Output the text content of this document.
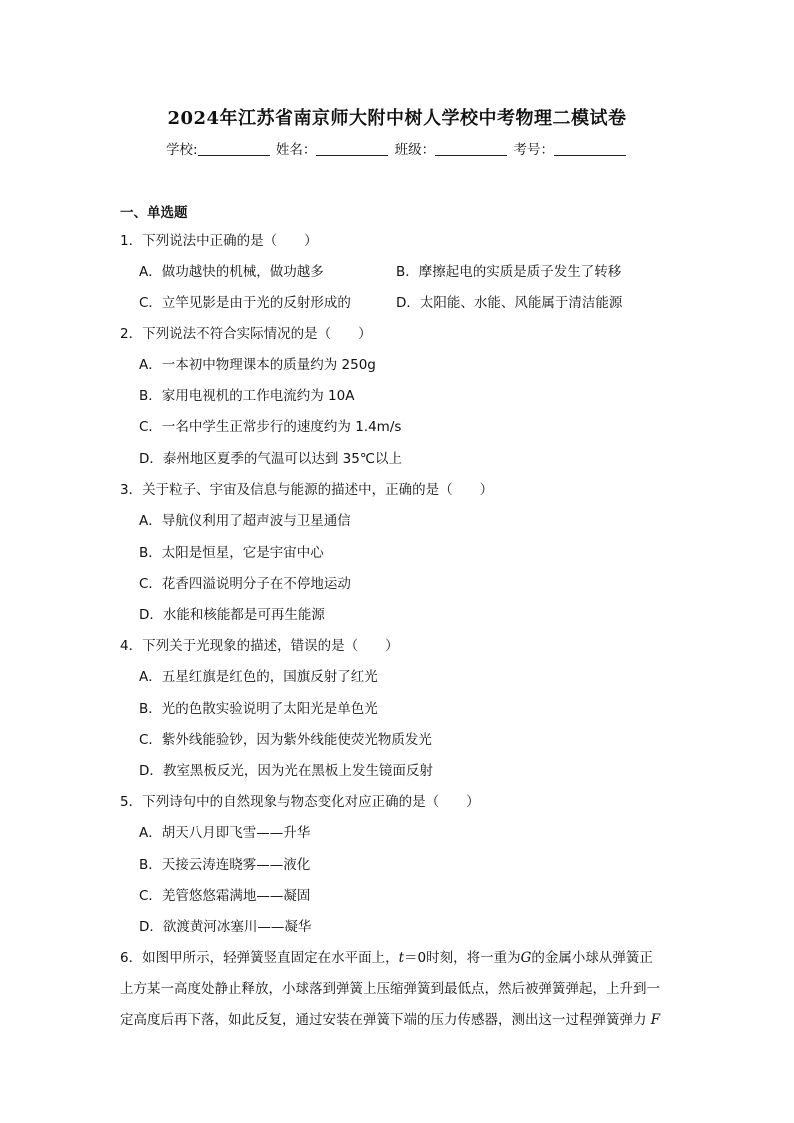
2024年江苏省南京师大附中树人学校中考物理二模试卷
学校:	姓名：	班级：	考号：
一、单选题
1．下列说法中正确的是（　　）
A．做功越快的机械，做功越多	B．摩擦起电的实质是质子发生了转移
C．立竿见影是由于光的反射形成的	D．太阳能、水能、风能属于清洁能源
2．下列说法不符合实际情况的是（　　）
A．一本初中物理课本的质量约为 250g
B．家用电视机的工作电流约为 10A
C．一名中学生正常步行的速度约为 1.4m/s
D．泰州地区夏季的气温可以达到 35℃以上
3．关于粒子、宇宙及信息与能源的描述中，正确的是（　　）
A．导航仪利用了超声波与卫星通信
B．太阳是恒星，它是宇宙中心
C．花香四溢说明分子在不停地运动
D．水能和核能都是可再生能源
4．下列关于光现象的描述，错误的是（　　）
A．五星红旗是红色的，国旗反射了红光
B．光的色散实验说明了太阳光是单色光
C．紫外线能验钞，因为紫外线能使荧光物质发光
D．教室黑板反光，因为光在黑板上发生镜面反射
5．下列诗句中的自然现象与物态变化对应正确的是（　　）
A．胡天八月即飞雪——升华
B．天接云涛连晓雾——液化
C．羌管悠悠霜满地——凝固
D．欲渡黄河冰塞川——凝华
6．如图甲所示，轻弹簧竖直固定在水平面上，t＝0时刻，将一重为G的金属小球从弹簧正
上方某一高度处静止释放，小球落到弹簧上压缩弹簧到最低点，然后被弹簧弹起，上升到一
定高度后再下落，如此反复，通过安装在弹簧下端的压力传感器，测出这一过程弹簧弹力 F
